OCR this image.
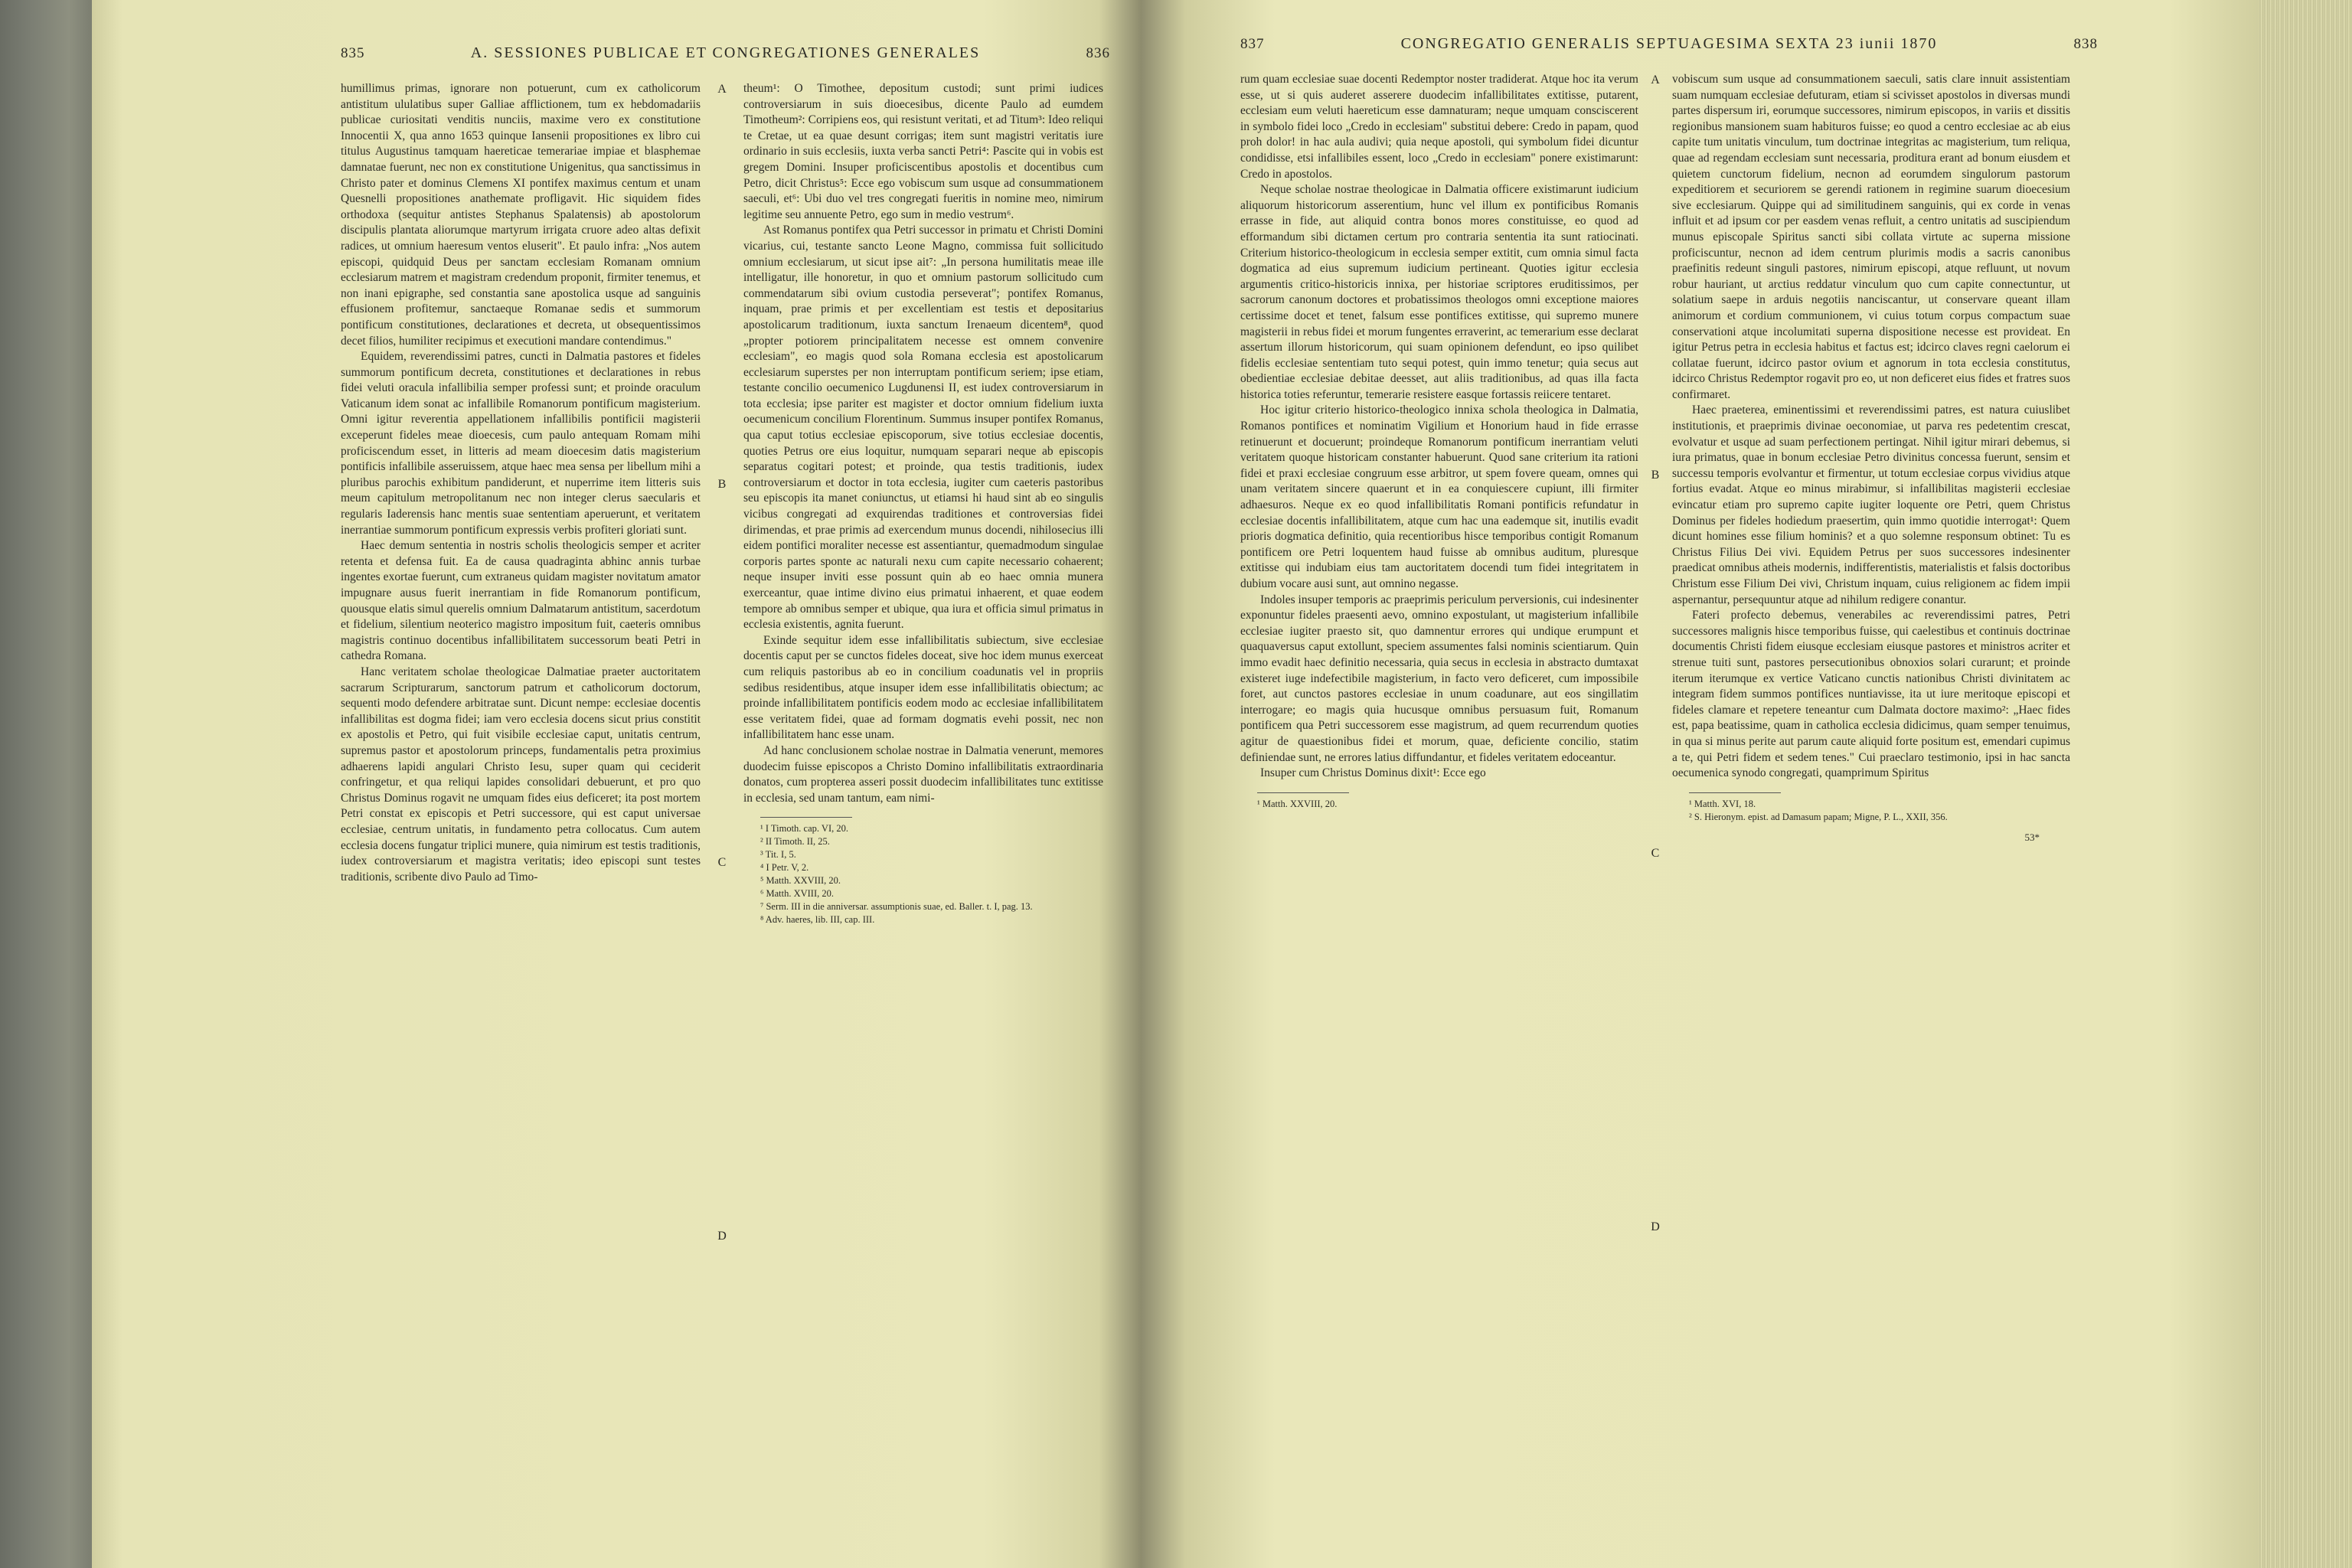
835	A. SESSIONES PUBLICAE ET CONGREGATIONES GENERALES	836

humillimus primas, ignorare non potuerunt, cum ex catholicorum antistitum ululatibus super Galliae afflictionem, tum ex hebdomadariis publicae curiositati venditis nunciis, maxime vero ex constitutione Innocentii X, qua anno 1653 quinque Iansenii propositiones ex libro cui titulus Augustinus tamquam haereticae temerariae impiae et blasphemae damnatae fuerunt, nec non ex constitutione Unigenitus, qua sanctissimus in Christo pater et dominus Clemens XI pontifex maximus centum et unam Quesnelli propositiones anathemate profligavit. Hic siquidem fides orthodoxa (sequitur antistes Stephanus Spalatensis) ab apostolorum discipulis plantata aliorumque martyrum irrigata cruore adeo altas defixit radices, ut omnium haeresum ventos eluserit". Et paulo infra: „Nos autem episcopi, quidquid Deus per sanctam ecclesiam Romanam omnium ecclesiarum matrem et magistram credendum proponit, firmiter tenemus, et non inani epigraphe, sed constantia sane apostolica usque ad sanguinis effusionem profitemur, sanctaeque Romanae sedis et summorum pontificum constitutiones, declarationes et decreta, ut obsequentissimos decet filios, humiliter recipimus et executioni mandare contendimus."

Equidem, reverendissimi patres, cuncti in Dalmatia pastores et fideles summorum pontificum decreta, constitutiones et declarationes in rebus fidei veluti oracula infallibilia semper professi sunt; et proinde oraculum Vaticanum idem sonat ac infallibile Romanorum pontificum magisterium. Omni igitur reverentia appellationem infallibilis pontificii magisterii exceperunt fideles meae dioecesis, cum paulo antequam Romam mihi proficiscendum esset, in litteris ad meam dioecesim datis magisterium pontificis infallibile asseruissem, atque haec mea sensa per libellum mihi a pluribus parochis exhibitum pandiderunt, et nuperrime item litteris suis meum capitulum metropolitanum nec non integer clerus saecularis et regularis Iaderensis hanc mentis suae sententiam aperuerunt, et veritatem inerrantiae summorum pontificum expressis verbis profiteri gloriati sunt.

Haec demum sententia in nostris scholis theologicis semper et acriter retenta et defensa fuit. Ea de causa quadraginta abhinc annis turbae ingentes exortae fuerunt, cum extraneus quidam magister novitatum amator impugnare ausus fuerit inerrantiam in fide Romanorum pontificum, quousque elatis simul querelis omnium Dalmatarum antistitum, sacerdotum et fidelium, silentium neoterico magistro impositum fuit, caeteris omnibus magistris continuo docentibus infallibilitatem successorum beati Petri in cathedra Romana.

Hanc veritatem scholae theologicae Dalmatiae praeter auctoritatem sacrarum Scripturarum, sanctorum patrum et catholicorum doctorum, sequenti modo defendere arbitratae sunt. Dicunt nempe: ecclesiae docentis infallibilitas est dogma fidei; iam vero ecclesia docens sicut prius constitit ex apostolis et Petro, qui fuit visibile ecclesiae caput, unitatis centrum, supremus pastor et apostolorum princeps, fundamentalis petra proximius adhaerens lapidi angulari Christo Iesu, super quam qui ceciderit confringetur, et qua reliqui lapides consolidari debuerunt, et pro quo Christus Dominus rogavit ne umquam fides eius deficeret; ita post mortem Petri constat ex episcopis et Petri successore, qui est caput universae ecclesiae, centrum unitatis, in fundamento petra collocatus. Cum autem ecclesia docens fungatur triplici munere, quia nimirum est testis traditionis, iudex controversiarum et magistra veritatis; ideo episcopi sunt testes traditionis, scribente divo Paulo ad Timo-

A
B
C
D

theum¹: O Timothee, depositum custodi; sunt primi iudices controversiarum in suis dioecesibus, dicente Paulo ad eumdem Timotheum²: Corripiens eos, qui resistunt veritati, et ad Titum³: Ideo reliqui te Cretae, ut ea quae desunt corrigas; item sunt magistri veritatis iure ordinario in suis ecclesiis, iuxta verba sancti Petri⁴: Pascite qui in vobis est gregem Domini. Insuper proficiscentibus apostolis et docentibus cum Petro, dicit Christus⁵: Ecce ego vobiscum sum usque ad consummationem saeculi, et⁶: Ubi duo vel tres congregati fueritis in nomine meo, nimirum legitime seu annuente Petro, ego sum in medio vestrum⁶.

Ast Romanus pontifex qua Petri successor in primatu et Christi Domini vicarius, cui, testante sancto Leone Magno, commissa fuit sollicitudo omnium ecclesiarum, ut sicut ipse ait⁷: „In persona humilitatis meae ille intelligatur, ille honoretur, in quo et omnium pastorum sollicitudo cum commendatarum sibi ovium custodia perseverat"; pontifex Romanus, inquam, prae primis et per excellentiam est testis et depositarius apostolicarum traditionum, iuxta sanctum Irenaeum dicentem⁸, quod „propter potiorem principalitatem necesse est omnem convenire ecclesiam", eo magis quod sola Romana ecclesia est apostolicarum ecclesiarum superstes per non interruptam pontificum seriem; ipse etiam, testante concilio oecumenico Lugdunensi II, est iudex controversiarum in tota ecclesia; ipse pariter est magister et doctor omnium fidelium iuxta oecumenicum concilium Florentinum. Summus insuper pontifex Romanus, qua caput totius ecclesiae episcoporum, sive totius ecclesiae docentis, quoties Petrus ore eius loquitur, numquam separari neque ab episcopis separatus cogitari potest; et proinde, qua testis traditionis, iudex controversiarum et doctor in tota ecclesia, iugiter cum caeteris pastoribus seu episcopis ita manet coniunctus, ut etiamsi hi haud sint ab eo singulis vicibus congregati ad exquirendas traditiones et controversias fidei dirimendas, et prae primis ad exercendum munus docendi, nihilosecius illi eidem pontifici moraliter necesse est assentiantur, quemadmodum singulae corporis partes sponte ac naturali nexu cum capite necessario cohaerent; neque insuper inviti esse possunt quin ab eo haec omnia munera exerceantur, quae intime divino eius primatui inhaerent, et quae eodem tempore ab omnibus semper et ubique, qua iura et officia simul primatus in ecclesia existentis, agnita fuerunt.

Exinde sequitur idem esse infallibilitatis subiectum, sive ecclesiae docentis caput per se cunctos fideles doceat, sive hoc idem munus exerceat cum reliquis pastoribus ab eo in concilium coadunatis vel in propriis sedibus residentibus, atque insuper idem esse infallibilitatis obiectum; ac proinde infallibilitatem pontificis eodem modo ac ecclesiae infallibilitatem esse veritatem fidei, quae ad formam dogmatis evehi possit, nec non infallibilitatem hanc esse unam.

Ad hanc conclusionem scholae nostrae in Dalmatia venerunt, memores duodecim fuisse episcopos a Christo Domino infallibilitatis extraordinaria donatos, cum propterea asseri possit duodecim infallibilitates tunc extitisse in ecclesia, sed unam tantum, eam nimi-

¹ I Timoth. cap. VI, 20.
² II Timoth. II, 25.
³ Tit. I, 5.
⁴ I Petr. V, 2.
⁵ Matth. XXVIII, 20.
⁶ Matth. XVIII, 20.
⁷ Serm. III in die anniversar. assumptionis suae, ed. Baller. t. I, pag. 13.
⁸ Adv. haeres, lib. III, cap. III.
837	CONGREGATIO GENERALIS SEPTUAGESIMA SEXTA 23 iunii 1870	838

rum quam ecclesiae suae docenti Redemptor noster tradiderat. Atque hoc ita verum esse, ut si quis auderet asserere duodecim infallibilitates extitisse, putarent, ecclesiam eum veluti haereticum esse damnaturam; neque umquam consciscerent in symbolo fidei loco „Credo in ecclesiam" substitui debere: Credo in papam, quod proh dolor! in hac aula audivi; quia neque apostoli, qui symbolum fidei dicuntur condidisse, etsi infallibiles essent, loco „Credo in ecclesiam" ponere existimarunt: Credo in apostolos.

Neque scholae nostrae theologicae in Dalmatia officere existimarunt iudicium aliquorum historicorum asserentium, hunc vel illum ex pontificibus Romanis errasse in fide, aut aliquid contra bonos mores constituisse, eo quod ad efformandum sibi dictamen certum pro contraria sententia ita sunt ratiocinati. Criterium historico-theologicum in ecclesia semper extitit, cum omnia simul facta dogmatica ad eius supremum iudicium pertineant. Quoties igitur ecclesia argumentis critico-historicis innixa, per historiae scriptores eruditissimos, per sacrorum canonum doctores et probatissimos theologos omni exceptione maiores certissime docet et tenet, falsum esse pontifices extitisse, qui supremo munere magisterii in rebus fidei et morum fungentes erraverint, ac temerarium esse declarat assertum illorum historicorum, qui suam opinionem defendunt, eo ipso quilibet fidelis ecclesiae sententiam tuto sequi potest, quin immo tenetur; quia secus aut obedientiae ecclesiae debitae deesset, aut aliis traditionibus, ad quas illa facta historica toties referuntur, temerarie resistere easque fortassis reiicere tentaret.

Hoc igitur criterio historico-theologico innixa schola theologica in Dalmatia, Romanos pontifices et nominatim Vigilium et Honorium haud in fide errasse retinuerunt et docuerunt; proindeque Romanorum pontificum inerrantiam veluti veritatem quoque historicam constanter habuerunt. Quod sane criterium ita rationi fidei et praxi ecclesiae congruum esse arbitror, ut spem fovere queam, omnes qui unam veritatem sincere quaerunt et in ea conquiescere cupiunt, illi firmiter adhaesuros. Neque ex eo quod infallibilitatis Romani pontificis refundatur in ecclesiae docentis infallibilitatem, atque cum hac una eademque sit, inutilis evadit prioris dogmatica definitio, quia recentioribus hisce temporibus contigit Romanum pontificem ore Petri loquentem haud fuisse ab omnibus auditum, pluresque extitisse qui indubiam eius tam auctoritatem docendi tum fidei integritatem in dubium vocare ausi sunt, aut omnino negasse.

Indoles insuper temporis ac praeprimis periculum perversionis, cui indesinenter exponuntur fideles praesenti aevo, omnino expostulant, ut magisterium infallibile ecclesiae iugiter praesto sit, quo damnentur errores qui undique erumpunt et quaquaversus caput extollunt, speciem assumentes falsi nominis scientiarum. Quin immo evadit haec definitio necessaria, quia secus in ecclesia in abstracto dumtaxat existeret iuge indefectibile magisterium, in facto vero deficeret, cum impossibile foret, aut cunctos pastores ecclesiae in unum coadunare, aut eos singillatim interrogare; eo magis quia hucusque omnibus persuasum fuit, Romanum pontificem qua Petri successorem esse magistrum, ad quem recurrendum quoties agitur de quaestionibus fidei et morum, quae, deficiente concilio, statim definiendae sunt, ne errores latius diffundantur, et fideles veritatem edoceantur.

Insuper cum Christus Dominus dixit¹: Ecce ego

¹ Matth. XXVIII, 20.
A
B
C
D

vobiscum sum usque ad consummationem saeculi, satis clare innuit assistentiam suam numquam ecclesiae defuturam, etiam si scivisset apostolos in diversas mundi partes dispersum iri, eorumque successores, nimirum episcopos, in variis et dissitis regionibus mansionem suam habituros fuisse; eo quod a centro ecclesiae ac ab eius capite tum unitatis vinculum, tum doctrinae integritas ac magisterium, tum reliqua, quae ad regendam ecclesiam sunt necessaria, proditura erant ad bonum eiusdem et quietem cunctorum fidelium, necnon ad eorumdem singulorum pastorum expeditiorem et securiorem se gerendi rationem in regimine suarum dioecesium sive ecclesiarum. Quippe qui ad similitudinem sanguinis, qui ex corde in venas influit et ad ipsum cor per easdem venas refluit, a centro unitatis ad suscipiendum munus episcopale Spiritus sancti sibi collata virtute ac superna missione proficiscuntur, necnon ad idem centrum plurimis modis a sacris canonibus praefinitis redeunt singuli pastores, nimirum episcopi, atque refluunt, ut novum robur hauriant, ut arctius reddatur vinculum quo cum capite connectuntur, ut solatium saepe in arduis negotiis nanciscantur, ut conservare queant illam animorum et cordium communionem, vi cuius totum corpus compactum suae conservationi atque incolumitati superna dispositione necesse est provideat. En igitur Petrus petra in ecclesia habitus et factus est; idcirco claves regni caelorum ei collatae fuerunt, idcirco pastor ovium et agnorum in tota ecclesia constitutus, idcirco Christus Redemptor rogavit pro eo, ut non deficeret eius fides et fratres suos confirmaret.

Haec praeterea, eminentissimi et reverendissimi patres, est natura cuiuslibet institutionis, et praeprimis divinae oeconomiae, ut parva res pedetentim crescat, evolvatur et usque ad suam perfectionem pertingat. Nihil igitur mirari debemus, si iura primatus, quae in bonum ecclesiae Petro divinitus concessa fuerunt, sensim et successu temporis evolvantur et firmentur, ut totum ecclesiae corpus vividius atque fortius evadat. Atque eo minus mirabimur, si infallibilitas magisterii ecclesiae evincatur etiam pro supremo capite iugiter loquente ore Petri, quem Christus Dominus per fideles hodiedum praesertim, quin immo quotidie interrogat¹: Quem dicunt homines esse filium hominis? et a quo solemne responsum obtinet: Tu es Christus Filius Dei vivi. Equidem Petrus per suos successores indesinenter praedicat omnibus atheis modernis, indifferentistis, materialistis et falsis doctoribus Christum esse Filium Dei vivi, Christum inquam, cuius religionem ac fidem impii aspernantur, persequuntur atque ad nihilum redigere conantur.

Fateri profecto debemus, venerabiles ac reverendissimi patres, Petri successores malignis hisce temporibus fuisse, qui caelestibus et continuis doctrinae documentis Christi fidem eiusque ecclesiam eiusque pastores et ministros acriter et strenue tuiti sunt, pastores persecutionibus obnoxios solari curarunt; et proinde iterum iterumque ex vertice Vaticano cunctis nationibus Christi divinitatem ac integram fidem summos pontifices nuntiavisse, ita ut iure meritoque episcopi et fideles clamare et repetere teneantur cum Dalmata doctore maximo²: „Haec fides est, papa beatissime, quam in catholica ecclesia didicimus, quam semper tenuimus, in qua si minus perite aut parum caute aliquid forte positum est, emendari cupimus a te, qui Petri fidem et sedem tenes." Cui praeclaro testimonio, ipsi in hac sancta oecumenica synodo congregati, quamprimum Spiritus

¹ Matth. XVI, 18.
² S. Hieronym. epist. ad Damasum papam; Migne, P. L., XXII, 356.
53*
